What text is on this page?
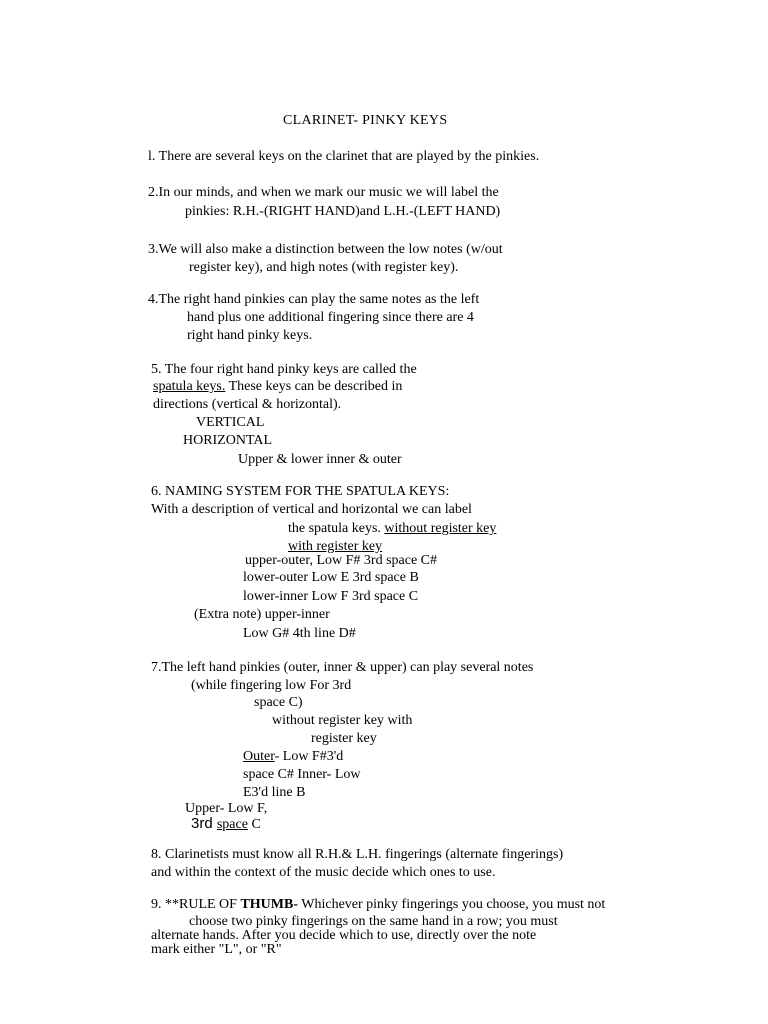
CLARINET- PINKY KEYS
l. There are several keys on the clarinet that are played by the pinkies.
2.In our minds, and when we mark our music we will label the
pinkies: R.H.-(RIGHT HAND)and L.H.-(LEFT HAND)
3.We will also make a distinction between the low notes (w/out
register key), and high notes (with register key).
4.The right hand pinkies can play the same notes as the left
hand plus one additional fingering since there are 4
right hand pinky keys.
5. The four right hand pinky keys are called the
spatula keys. These keys can be described in
directions (vertical & horizontal).
VERTICAL
HORIZONTAL
Upper & lower inner & outer
6. NAMING SYSTEM FOR THE SPATULA KEYS:
With a description of vertical and horizontal we can label
the spatula keys. without register key
with register key
upper-outer, Low F# 3rd space C#
lower-outer Low E 3rd space B
lower-inner Low F 3rd space C
(Extra note) upper-inner
Low G# 4th line D#
7.The left hand pinkies (outer, inner & upper) can play several notes
(while fingering low For 3rd
space C)
without register key with
register key
Outer- Low F#3'd
space C# Inner- Low
E3'd line B
Upper- Low F,
3rd space C
8. Clarinetists must know all R.H.& L.H. fingerings (alternate fingerings)
and within the context of the music decide which ones to use.
9. **RULE OF THUMB- Whichever pinky fingerings you choose, you must not
choose two pinky fingerings on the same hand in a row; you must
alternate hands. After you decide which to use, directly over the note
mark either "L", or "R"
